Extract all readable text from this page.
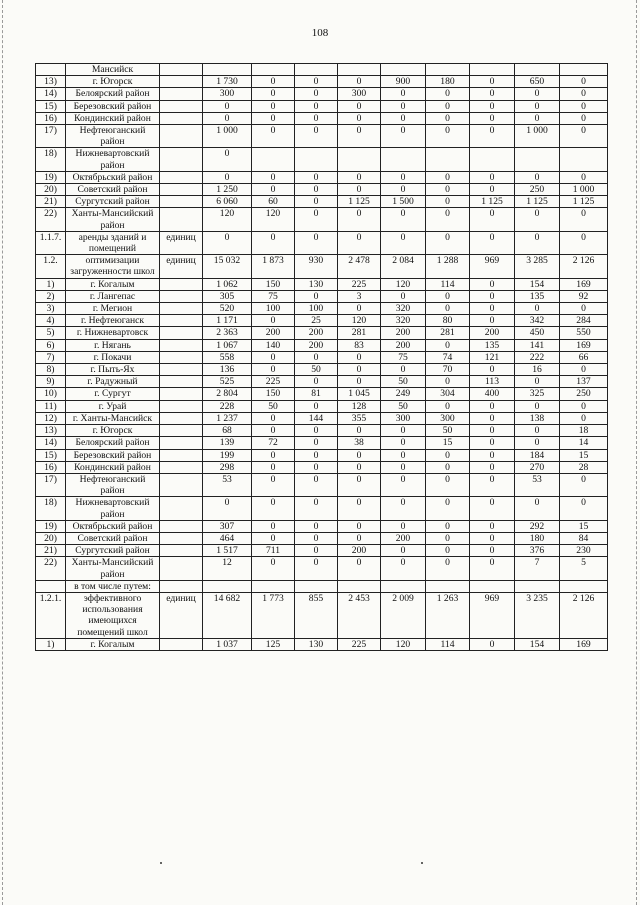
108
	Мансийск										
13)	г. Югорск		1 730	0	0	0	900	180	0	650	0
14)	Белоярский район		300	0	0	300	0	0	0	0	0
15)	Березовский район		0	0	0	0	0	0	0	0	0
16)	Кондинский район		0	0	0	0	0	0	0	0	0
17)	Нефтеюганский район		1 000	0	0	0	0	0	0	1 000	0
18)	Нижневартовский район		0								
19)	Октябрьский район		0	0	0	0	0	0	0	0	0
20)	Советский район		1 250	0	0	0	0	0	0	250	1 000
21)	Сургутский район		6 060	60	0	1 125	1 500	0	1 125	1 125	1 125
22)	Ханты-Мансийский район		120	120	0	0	0	0	0	0	0
1.1.7.	аренды зданий и помещений	единиц	0	0	0	0	0	0	0	0	0
1.2.	оптимизации загруженности школ	единиц	15 032	1 873	930	2 478	2 084	1 288	969	3 285	2 126
1)	г. Когалым		1 062	150	130	225	120	114	0	154	169
2)	г. Лангепас		305	75	0	3	0	0	0	135	92
3)	г. Мегион		520	100	100	0	320	0	0	0	0
4)	г. Нефтеюганск		1 171	0	25	120	320	80	0	342	284
5)	г. Нижневартовск		2 363	200	200	281	200	281	200	450	550
6)	г. Нягань		1 067	140	200	83	200	0	135	141	169
7)	г. Покачи		558	0	0	0	75	74	121	222	66
8)	г. Пыть-Ях		136	0	50	0	0	70	0	16	0
9)	г. Радужный		525	225	0	0	50	0	113	0	137
10)	г. Сургут		2 804	150	81	1 045	249	304	400	325	250
11)	г. Урай		228	50	0	128	50	0	0	0	0
12)	г. Ханты-Мансийск		1 237	0	144	355	300	300	0	138	0
13)	г. Югорск		68	0	0	0	0	50	0	0	18
14)	Белоярский район		139	72	0	38	0	15	0	0	14
15)	Березовский район		199	0	0	0	0	0	0	184	15
16)	Кондинский район		298	0	0	0	0	0	0	270	28
17)	Нефтеюганский район		53	0	0	0	0	0	0	53	0
18)	Нижневартовский район		0	0	0	0	0	0	0	0	0
19)	Октябрьский район		307	0	0	0	0	0	0	292	15
20)	Советский район		464	0	0	0	200	0	0	180	84
21)	Сургутский район		1 517	711	0	200	0	0	0	376	230
22)	Ханты-Мансийский район		12	0	0	0	0	0	0	7	5
	в том числе путем:										
1.2.1.	эффективного использования имеющихся помещений школ	единиц	14 682	1 773	855	2 453	2 009	1 263	969	3 235	2 126
1)	г. Когалым		1 037	125	130	225	120	114	0	154	169
